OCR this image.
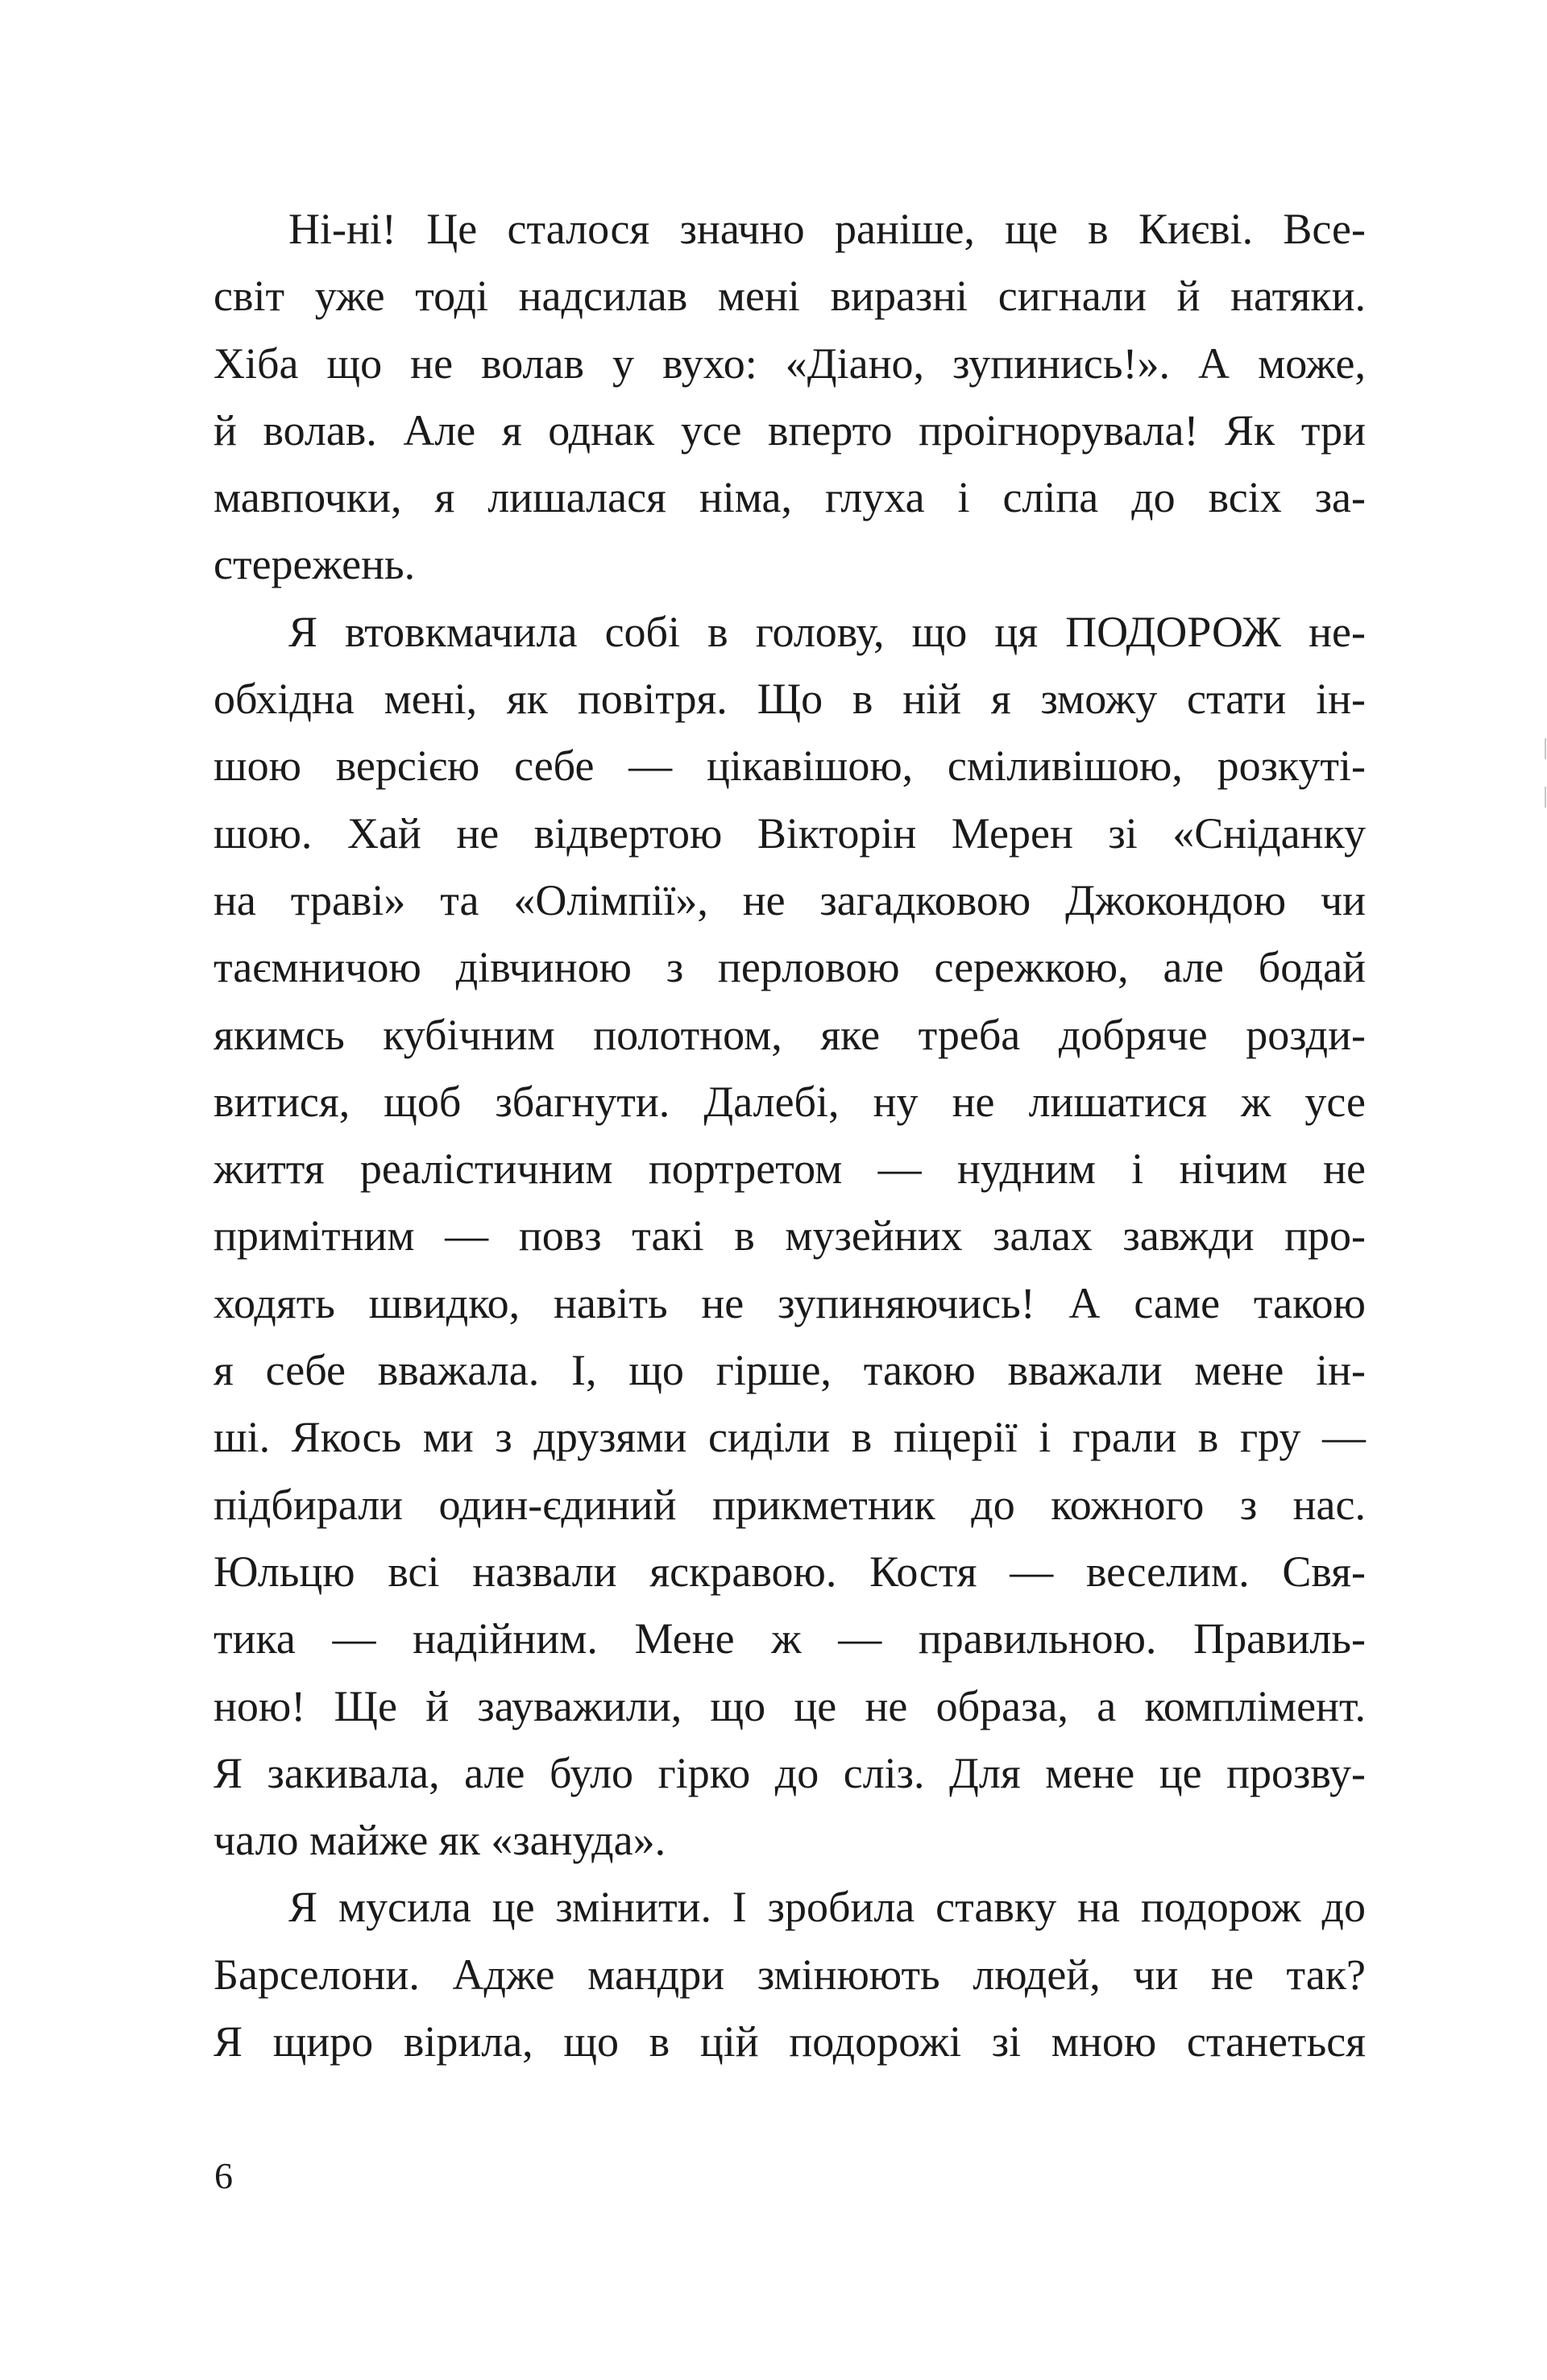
Ні-ні! Це сталося значно раніше, ще в Києві. Все-
світ уже тоді надсилав мені виразні сигнали й натяки.
Хіба що не волав у вухо: «Діано, зупинись!». А може,
й волав. Але я однак усе вперто проігнорувала! Як три
мавпочки, я лишалася німа, глуха і сліпа до всіх за-
стережень.
Я втовкмачила собі в голову, що ця ПОДОРОЖ не-
обхідна мені, як повітря. Що в ній я зможу стати ін-
шою версією себе — цікавішою, сміливішою, розкуті-
шою. Хай не відвертою Вікторін Мерен зі «Сніданку
на траві» та «Олімпії», не загадковою Джокондою чи
таємничою дівчиною з перловою сережкою, але бодай
якимсь кубічним полотном, яке треба добряче розди-
витися, щоб збагнути. Далебі, ну не лишатися ж усе
життя реалістичним портретом — нудним і нічим не
примітним — повз такі в музейних залах завжди про-
ходять швидко, навіть не зупиняючись! А саме такою
я себе вважала. І, що гірше, такою вважали мене ін-
ші. Якось ми з друзями сиділи в піцерії і грали в гру —
підбирали один-єдиний прикметник до кожного з нас.
Юльцю всі назвали яскравою. Костя — веселим. Свя-
тика — надійним. Мене ж — правильною. Правиль-
ною! Ще й зауважили, що це не образа, а комплімент.
Я закивала, але було гірко до сліз. Для мене це прозву-
чало майже як «зануда».
Я мусила це змінити. І зробила ставку на подорож до
Барселони. Адже мандри змінюють людей, чи не так?
Я щиро вірила, що в цій подорожі зі мною станеться
6
